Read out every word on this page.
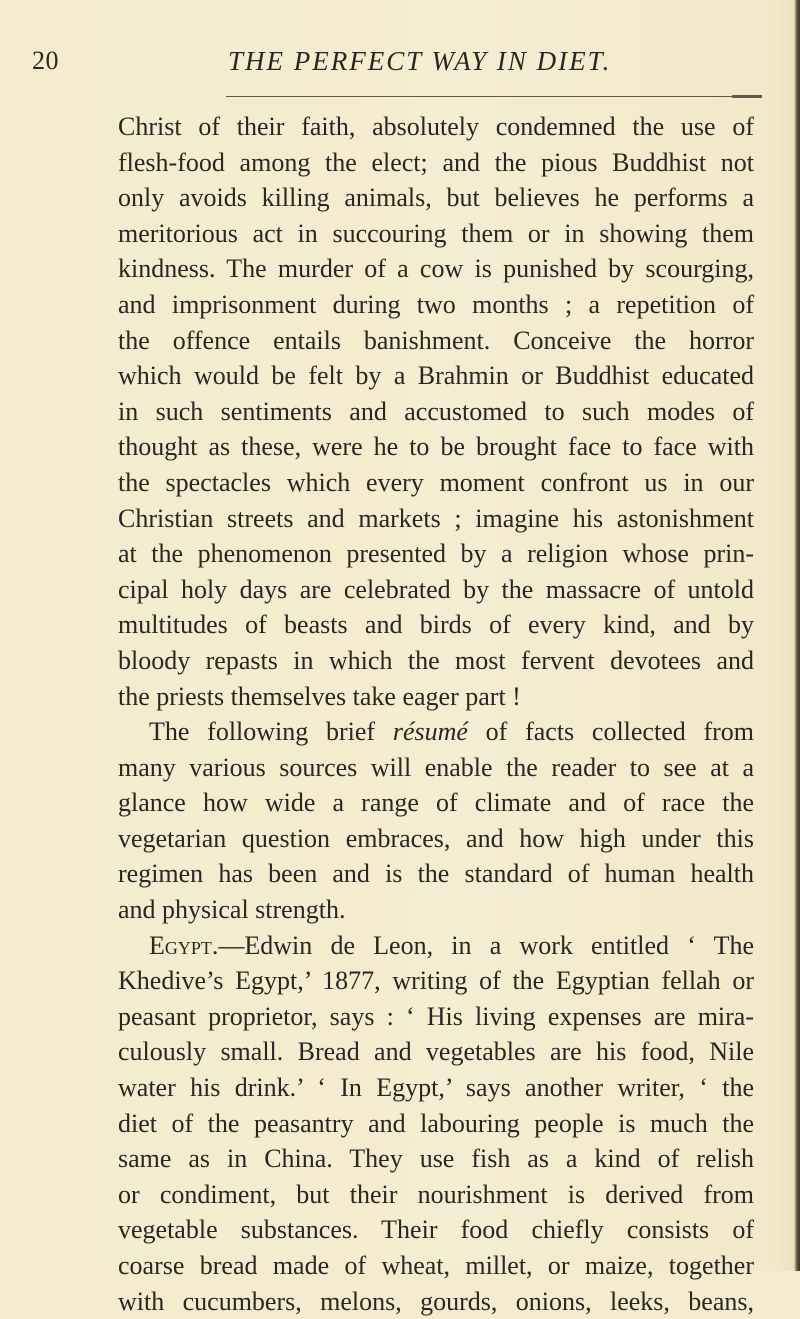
20	THE PERFECT WAY IN DIET.
Christ of their faith, absolutely condemned the use of
flesh-food among the elect; and the pious Buddhist not
only avoids killing animals, but believes he performs a
meritorious act in succouring them or in showing them
kindness. The murder of a cow is punished by scourging,
and imprisonment during two months ; a repetition of
the offence entails banishment. Conceive the horror
which would be felt by a Brahmin or Buddhist educated
in such sentiments and accustomed to such modes of
thought as these, were he to be brought face to face with
the spectacles which every moment confront us in our
Christian streets and markets ; imagine his astonishment
at the phenomenon presented by a religion whose prin-
cipal holy days are celebrated by the massacre of untold
multitudes of beasts and birds of every kind, and by
bloody repasts in which the most fervent devotees and
the priests themselves take eager part !
The following brief résumé of facts collected from
many various sources will enable the reader to see at a
glance how wide a range of climate and of race the
vegetarian question embraces, and how high under this
regimen has been and is the standard of human health
and physical strength.
Egypt.—Edwin de Leon, in a work entitled ‘ The
Khedive’s Egypt,’ 1877, writing of the Egyptian fellah or
peasant proprietor, says : ‘ His living expenses are mira-
culously small. Bread and vegetables are his food, Nile
water his drink.’ ‘ In Egypt,’ says another writer, ‘ the
diet of the peasantry and labouring people is much the
same as in China. They use fish as a kind of relish
or condiment, but their nourishment is derived from
vegetable substances. Their food chiefly consists of
coarse bread made of wheat, millet, or maize, together
with cucumbers, melons, gourds, onions, leeks, beans,
